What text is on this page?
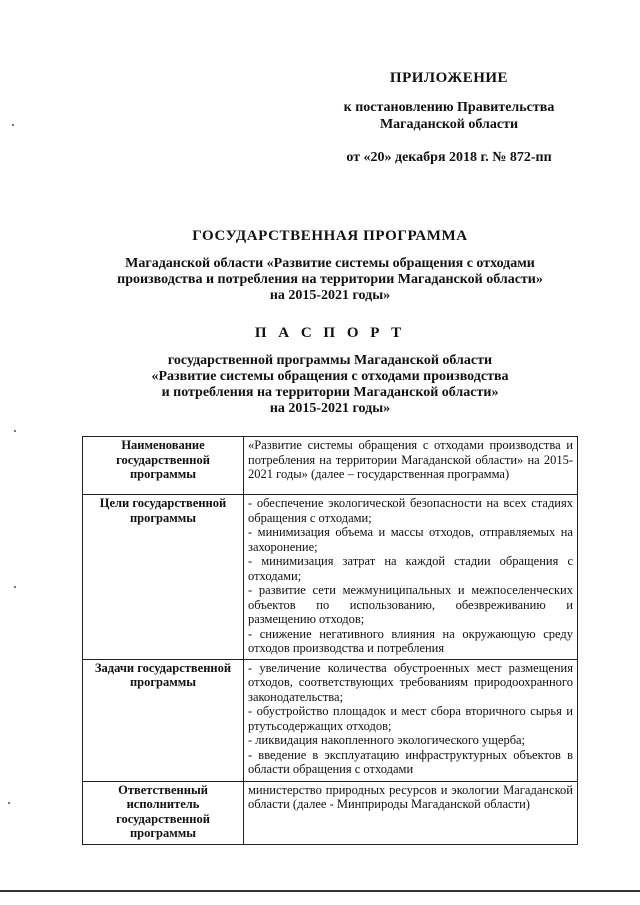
ПРИЛОЖЕНИЕ
к постановлению Правительства
Магаданской области
от «20» декабря 2018 г. № 872-пп
ГОСУДАРСТВЕННАЯ ПРОГРАММА
Магаданской области «Развитие системы обращения с отходами
производства и потребления на территории Магаданской области»
на 2015-2021 годы»
П А С П О Р Т
государственной программы Магаданской области
«Развитие системы обращения с отходами производства
и потребления на территории Магаданской области»
на 2015-2021 годы»
Наименование государственной программы	«Развитие системы обращения с отходами производства и потребления на территории Магаданской области» на 2015-2021 годы» (далее – государственная программа)

Цели государственной программы	- обеспечение экологической безопасности на всех стадиях обращения с отходами;
- минимизация объема и массы отходов, отправляемых на захоронение;
- минимизация затрат на каждой стадии обращения с отходами;
- развитие сети межмуниципальных и межпоселенческих объектов по использованию, обезвреживанию и размещению отходов;
- снижение негативного влияния на окружающую среду отходов производства и потребления

Задачи государственной программы	- увеличение количества обустроенных мест размещения отходов, соответствующих требованиям природоохранного законодательства;
- обустройство площадок и мест сбора вторичного сырья и ртутьсодержащих отходов;
- ликвидация накопленного экологического ущерба;
- введение в эксплуатацию инфраструктурных объектов в области обращения с отходами

Ответственный исполнитель государственной программы	министерство природных ресурсов и экологии Магаданской области (далее - Минприроды Магаданской области)
